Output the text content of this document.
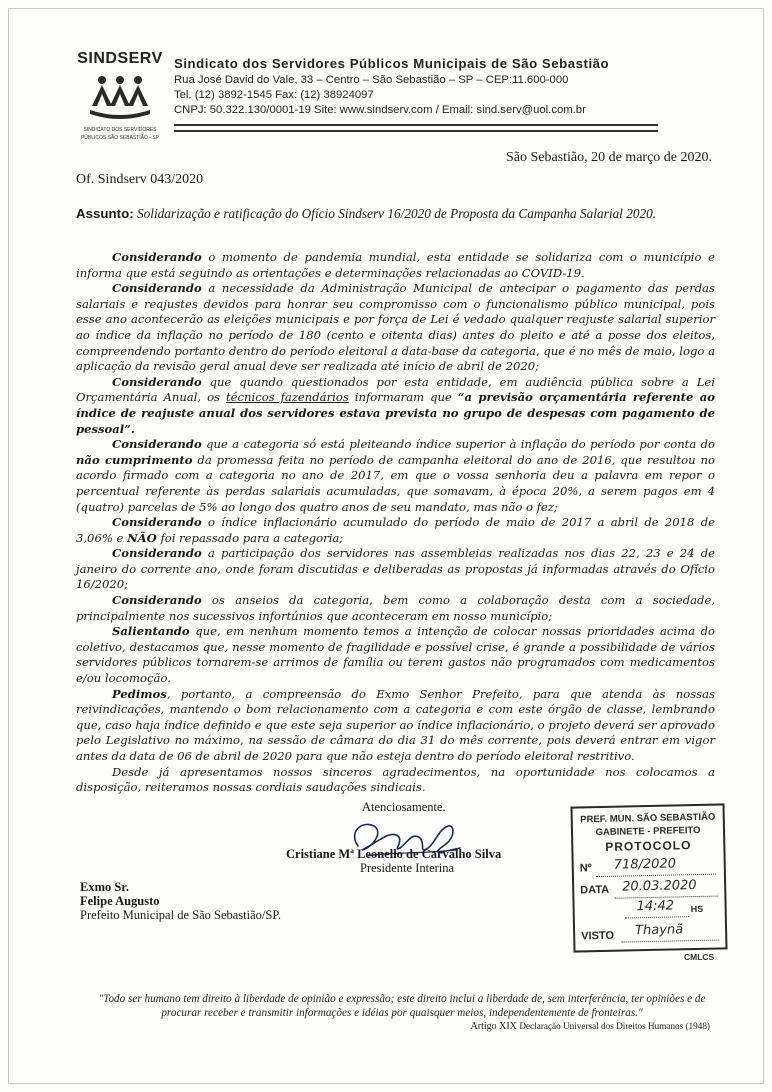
SINDSERV
SINDICATO DOS SERVIDORES PÚBLICOS SÃO SEBASTIÃO - SP
Sindicato dos Servidores Públicos Municipais de São Sebastião
Rua José David do Vale, 33 – Centro – São Sebastião – SP – CEP:11.600-000
Tel. (12) 3892-1545 Fax: (12) 38924097
CNPJ: 50.322.130/0001-19 Site: www.sindserv.com / Email: sind.serv@uol.com.br
São Sebastião, 20 de março de 2020.
Of. Sindserv 043/2020
Assunto: Solidarização e ratificação do Ofício Sindserv 16/2020 de Proposta da Campanha Salarial 2020.

Considerando o momento de pandemia mundial, esta entidade se solidariza com o município e informa que está seguindo as orientações e determinações relacionadas ao COVID-19.

Considerando a necessidade da Administração Municipal de antecipar o pagamento das perdas salariais e reajustes devidos para honrar seu compromisso com o funcionalismo público municipal, pois esse ano acontecerão as eleições municipais e por força de Lei é vedado qualquer reajuste salarial superior ao índice da inflação no período de 180 (cento e oitenta dias) antes do pleito e até a posse dos eleitos, compreendendo portanto dentro do período eleitoral a data-base da categoria, que é no mês de maio, logo a aplicação da revisão geral anual deve ser realizada até início de abril de 2020;

Considerando que quando questionados por esta entidade, em audiência pública sobre a Lei Orçamentária Anual, os técnicos fazendários informaram que “a previsão orçamentária referente ao índice de reajuste anual dos servidores estava prevista no grupo de despesas com pagamento de pessoal”.

Considerando que a categoria só está pleiteando índice superior à inflação do período por conta do não cumprimento da promessa feita no período de campanha eleitoral do ano de 2016, que resultou no acordo firmado com a categoria no ano de 2017, em que o vossa senhoria deu a palavra em repor o percentual referente às perdas salariais acumuladas, que somavam, à época 20%, a serem pagos em 4 (quatro) parcelas de 5% ao longo dos quatro anos de seu mandato, mas não o fez;

Considerando o índice inflacionário acumulado do período de maio de 2017 a abril de 2018 de 3,06% e NÃO foi repassado para a categoria;

Considerando a participação dos servidores nas assembleias realizadas nos dias 22, 23 e 24 de janeiro do corrente ano, onde foram discutidas e deliberadas as propostas já informadas através do Ofício 16/2020;

Considerando os anseios da categoria, bem como a colaboração desta com a sociedade, principalmente nos sucessivos infortúnios que aconteceram em nosso município;

Salientando que, em nenhum momento temos a intenção de colocar nossas prioridades acima do coletivo, destacamos que, nesse momento de fragilidade e possível crise, é grande a possibilidade de vários servidores públicos tornarem-se arrimos de família ou terem gastos não programados com medicamentos e/ou locomoção.

Pedimos, portanto, a compreensão do Exmo Senhor Prefeito, para que atenda às nossas reivindicações, mantendo o bom relacionamento com a categoria e com este órgão de classe, lembrando que, caso haja índice definido e que este seja superior ao índice inflacionário, o projeto deverá ser aprovado pelo Legislativo no máximo, na sessão de câmara do dia 31 do mês corrente, pois deverá entrar em vigor antes da data de 06 de abril de 2020 para que não esteja dentro do período eleitoral restritivo.

Desde já apresentamos nossos sinceros agradecimentos, na oportunidade nos colocamos a disposição, reiteramos nossas cordiais saudações sindicais.

Atenciosamente.
Cristiane Mª Leonello de Carvalho Silva
Presidente Interina
Exmo Sr.
Felipe Augusto
Prefeito Municipal de São Sebastião/SP.
PREF. MUN. SÃO SEBASTIÃO
GABINETE - PREFEITO
PROTOCOLO
Nº 718/2020
DATA 20.03.2020
14:42 HS
VISTO Thaynã
CMLCS
"Todo ser humano tem direito à liberdade de opinião e expressão; este direito inclui a liberdade de, sem interferência, ter opiniões e de procurar receber e transmitir informações e idéias por quaisquer meios, independentemente de fronteiras."
Artigo XIX Declaração Universal dos Direitos Humanos (1948)
